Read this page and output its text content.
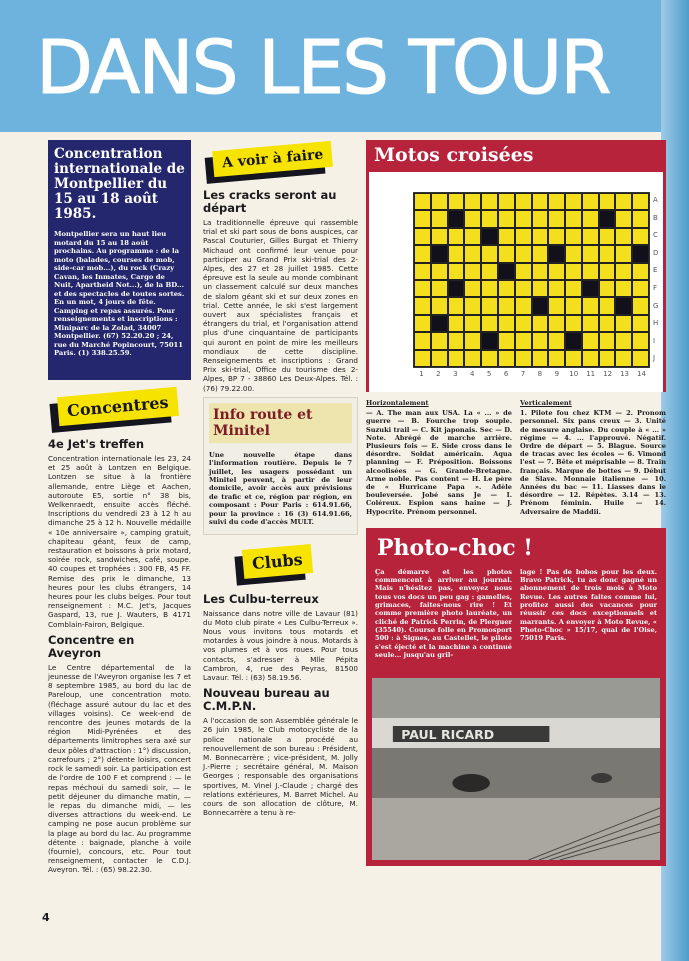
DANS LES TOUR
Concentration internationale de Montpellier du 15 au 18 août 1985.
Montpellier sera un haut lieu motard du 15 au 18 août prochains. Au programme : de la moto (balades, courses de mob, side-car mob...), du rock (Crazy Cavan, les Inmates, Cargo de Nuit, Apartheid Not...), de la BD... et des spectacles de toutes sortes. En un mot, 4 jours de fête. Camping et repas assurés. Pour renseignements et inscriptions : Miniparc de la Zolad, 34007 Montpellier. (67) 52.20.20 ; 24, rue du Marché Popincourt, 75011 Paris. (1) 338.25.59.
Concentres
4e Jet's treffen
Concentration internationale les 23, 24 et 25 août à Lontzen en Belgique. Lontzen se situe à la frontière allemande, entre Liège et Aachen, autoroute E5, sortie n° 38 bis, Welkenraedt, ensuite accès fléché. Inscriptions du vendredi 23 à 12 h au dimanche 25 à 12 h. Nouvelle médaille « 10e anniversaire », camping gratuit, chapiteau géant, feux de camp, restauration et boissons à prix motard, soirée rock, sandwiches, café, soupe. 40 coupes et trophées : 300 FB, 45 FF. Remise des prix le dimanche, 13 heures pour les clubs étrangers, 14 heures pour les clubs belges. Pour tout renseignement : M.C. Jet's, Jacques Gaspard, 13, rue J. Wauters, B 4171 Comblain-Fairon, Belgique.
Concentre en Aveyron
Le Centre départemental de la jeunesse de l'Aveyron organise les 7 et 8 septembre 1985, au bord du lac de Pareloup, une concentration moto. (fléchage assuré autour du lac et des villages voisins). Ce week-end de rencontre des jeunes motards de la région Midi-Pyrénées et des départements limitrophes sera axé sur deux pôles d'attraction : 1°) discussion, carrefours ; 2°) détente loisirs, concert rock le samedi soir. La participation est de l'ordre de 100 F et comprend : — le repas méchoui du samedi soir, — le petit déjeuner du dimanche matin, — le repas du dimanche midi, — les diverses attractions du week-end. Le camping ne pose aucun problème sur la plage au bord du lac. Au programme détente : baignade, planche à voile (fournie), concours, etc. Pour tout renseignement, contacter le C.D.J. Aveyron. Tél. : (65) 98.22.30.
A voir à faire
Les cracks seront au départ
La traditionnelle épreuve qui rassemble trial et ski part sous de bons auspices, car Pascal Couturier, Gilles Burgat et Thierry Michaud ont confirmé leur venue pour participer au Grand Prix ski-trial des 2-Alpes, des 27 et 28 juillet 1985. Cette épreuve est la seule au monde combinant un classement calculé sur deux manches de slalom géant ski et sur deux zones en trial. Cette année, le ski s'est largement ouvert aux spécialistes français et étrangers du trial, et l'organisation attend plus d'une cinquantaine de participants qui auront en point de mire les meilleurs mondiaux de cette discipline. Renseignements et inscriptions : Grand Prix ski-trial, Office du tourisme des 2-Alpes, BP 7 - 38860 Les Deux-Alpes. Tél. : (76) 79.22.00.
Info route et Minitel
Une nouvelle étape dans l'information routière. Depuis le 7 juillet, les usagers possédant un Minitel peuvent, à partir de leur domicile, avoir accès aux prévisions de trafic et ce, région par région, en composant : Pour Paris : 614.91.66, pour la province : 16 (3) 614.91.66, suivi du code d'accès MULT.
Clubs
Les Culbu-terreux
Naissance dans notre ville de Lavaur (81) du Moto club pirate « Les Culbu-Terreux ». Nous vous invitons tous motards et motardes à vous joindre à nous. Motards à vos plumes et à vos roues. Pour tous contacts, s'adresser à Mlle Pépita Cambron, 4, rue des Peyras, 81500 Lavaur. Tél. : (63) 58.19.56.
Nouveau bureau au C.M.P.N.
A l'occasion de son Assemblée générale le 26 juin 1985, le Club motocycliste de la police nationale a procédé au renouvellement de son bureau : Président, M. Bonnecarrère ; vice-président, M. Jolly J.-Pierre ; secrétaire général, M. Maison Georges ; responsable des organisations sportives, M. Vinel J.-Claude ; chargé des relations extérieures, M. Barret Michel. Au cours de son allocation de clôture, M. Bonnecarrère a tenu à re-
Motos croisées
Merci à Christophe Crabières
1	2	3	4	5	6	7	8	9	10	11	12	13	14
A
B
C
D
E
F
G
H
I
J
Horizontalement
— A. The man aux USA. La « ... » de guerre — B. Fourche trop souple. Suzuki trail — C. Kit japonais. Sec — D. Note. Abrégé de marche arrière. Plusieurs fois — E. Side cross dans le désordre. Soldat américain. Aqua planning — F. Préposition. Boissons alcoolisées — G. Grande-Bretagne. Arme noble. Pas content — H. Le père de « Hurricane Papa ». Adèle bouleversée. Jobé sans Je — I. Coléreux. Espion sans haine — J. Hypocrite. Prénom personnel.
Verticalement
1. Pilote fou chez KTM — 2. Pronom personnel. Six pans creux — 3. Unité de mesure anglaise. Du couple à « ... » régime — 4. ... l'approuvé. Négatif. Ordre de départ — 5. Blague. Source de tracas avec les écoles — 6. Vimond l'est — 7. Bête et méprisable — 8. Train français. Marque de bottes — 9. Début de Slave. Monnaie italienne — 10. Années du bac — 11. Liasses dans le désordre — 12. Répètes. 3.14 — 13. Prénom féminin. Huile — 14. Adversaire de Maddii.
Photo-choc !
Ça démarre et les photos commencent à arriver au journal. Mais n'hésitez pas, envoyez nous tous vos docs un peu gag : gamelles, grimaces, faites-nous rire ! Et comme première photo lauréate, un cliché de Patrick Perrin, de Plerguer (35540). Course folle en Promosport 500 : à Signes, au Castellet, le pilote s'est éjecté et la machine a continué seule... jusqu'au gril-
lage ! Pas de bobos pour les deux. Bravo Patrick, tu as donc gagné un abonnement de trois mois à Moto Revue. Les autres faites comme lui, profitez aussi des vacances pour réussir ces docs exceptionnels et marrants. A envoyer à Moto Revue, « Photo-Choc » 15/17, quai de l'Oise, 75019 Paris.
PAUL RICARD
4
